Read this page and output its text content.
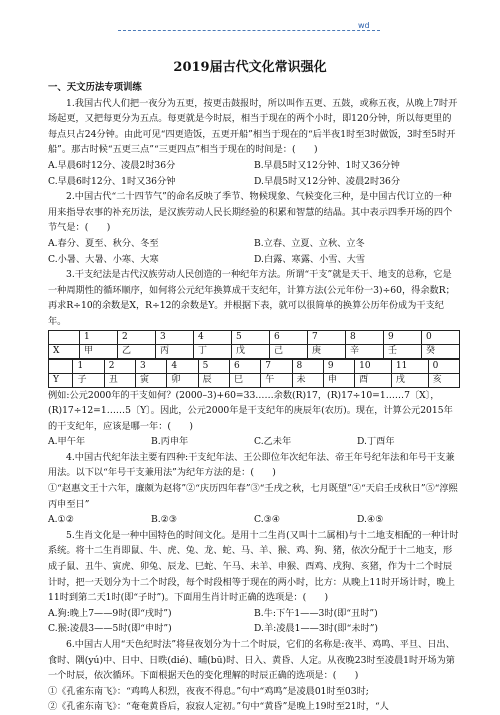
wd
2019届古代文化常识强化
一、天文历法专项训练

1.我国古代人们把一夜分为五更，按更击鼓报时，所以叫作五更、五鼓，或称五夜，从晚上7时开场起更，又把每更分为五点。每更就是今时辰，相当于现在的两个小时，即120分钟，所以每更里的每点只占24分钟。由此可见“四更造饭，五更开船”相当于现在的“后半夜1时至3时做饭，3时至5时开船”。那古时候“五更三点”“三更四点”相当于现在的时间是：(　　)

A.早晨6时12分、凌晨2时36分	B.早晨5时又12分钟、1时又36分钟
C.早晨6时12分、1时又36分钟	D.早晨5时又12分钟、凌晨2时36分

2.中国古代“二十四节气”的命名反映了季节、物候现象、气候变化三种，是中国古代订立的一种用来指导农事的补充历法，是汉族劳动人民长期经验的积累和智慧的结晶。其中表示四季开场的四个节气是：(　　)

A.春分、夏至、秋分、冬至	B.立春、立夏、立秋、立冬
C.小暑、大暑、小寒、大寒	D.白露、寒露、小雪、大雪

3.干支纪法是古代汉族劳动人民创造的一种纪年方法。所谓“干支”就是天干、地支的总称，它是一种周期性的循环顺序，如何将公元纪年换算成干支纪年，计算方法(公元年份一3)÷60，得余数R；再求R÷10的余数是X，R÷12的余数是Y。并根据下表，就可以很简单的换算公历年份成为干支纪年。

	1	2	3	4	5	6	7	8	9	0
X	甲	乙	丙	丁	戊	己	庚	辛	壬	癸
	1	2	3	4	5	6	7	8	9	10	11	0
Y	子	丑	寅	卯	辰	巳	午	未	申	酉	戌	亥

例如:公元2000年的干支如何？(2000–3)+60=33……余数(R)17，(R)17÷10=1……7〔X〕，(R)17÷12=1……5〔Y〕。因此，公元2000年是干支纪年的庚辰年(农历)。现在，计算公元2015年的干支纪年，应该是哪一年：(　　)

A.甲午年	B.丙申年	C.乙未年	D.丁酉年

4.中国古代纪年法主要有四种:干支纪年法、王公即位年次纪年法、帝王年号纪年法和年号干支兼用法。以下以“年号干支兼用法”为纪年方法的是：(　　)

①“赵惠文王十六年，廉颇为赵将”②“庆历四年春”③“壬戌之秋，七月既望”④“天启壬戌秋日”⑤“淳熙丙申至日”

A.①②	B.②③	C.③④	D.④⑤

5.生肖文化是一种中国特色的时间文化。是用十二生肖(又叫十二属相)与十二地支相配的一种计时系统。将十二生肖即鼠、牛、虎、兔、龙、蛇、马、羊、猴、鸡、狗、猪，依次分配于十二地支，形成子鼠、丑牛、寅虎、卯兔、辰龙、巳蛇、午马、未羊、申猴、酉鸡、戌狗、亥猪，作为十二个时辰计时，把一天划分为十二个时段，每个时段相等于现在的两小时，比方：从晚上11时开场计时，晚上11时到第二天1时(即“子时”)。下面用生肖计时正确的选项是：(　　)

A.狗:晚上7——9时(即“戌时”)	B.牛:下午1——3时(即“丑时”)
C.猴:凌晨3——5时(即“申时”)	D.羊:凌晨1——3时(即“未时”)

6.中国古人用“天色纪时法”将昼夜划分为十二个时辰，它们的名称是:夜半、鸡鸣、平旦、日出、食时、隅(yú)中、日中、日昳(dié)、晡(bū)时、日入、黄昏、人定。从夜晚23时至凌晨1时开场为第一个时辰，依次循环。下面根据天色的变化理解的时辰正确的选项是：(　　)

①《孔雀东南飞》：“鸡鸣人积烈，夜夜不得息。”句中“鸡鸣”是凌晨01时至03时;

②《孔雀东南飞》：“奄奄黄昏后，寂寂人定初。”句中“黄昏”是晚上19时至21时，“人
